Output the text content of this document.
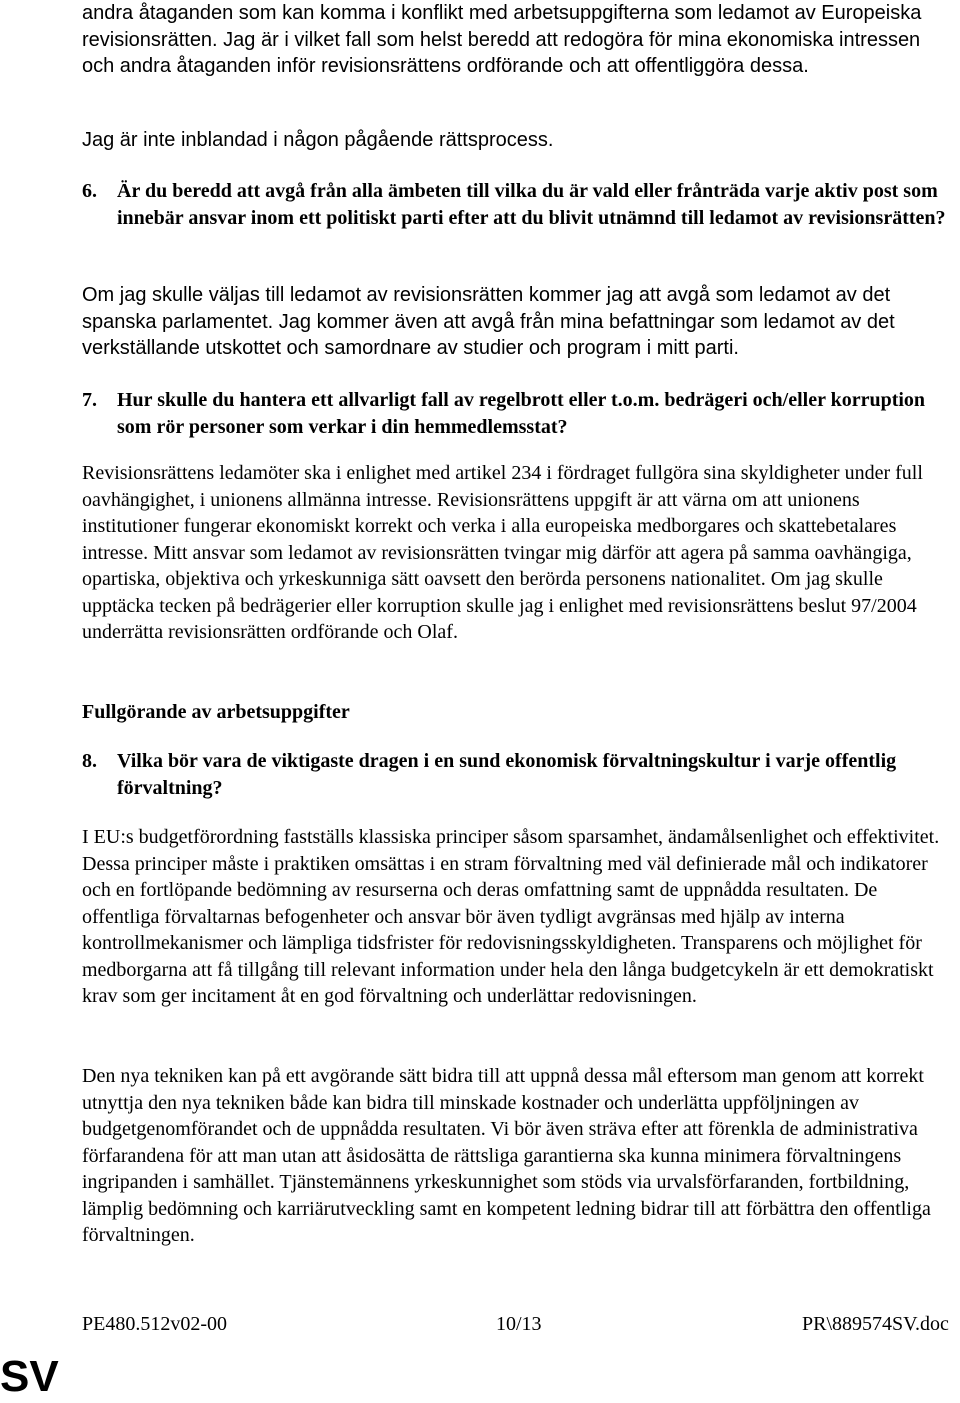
andra åtaganden som kan komma i konflikt med arbetsuppgifterna som ledamot av Europeiska revisionsrätten. Jag är i vilket fall som helst beredd att redogöra för mina ekonomiska intressen och andra åtaganden inför revisionsrättens ordförande och att offentliggöra dessa.

Jag är inte inblandad i någon pågående rättsprocess.

6. Är du beredd att avgå från alla ämbeten till vilka du är vald eller frånträda varje aktiv post som innebär ansvar inom ett politiskt parti efter att du blivit utnämnd till ledamot av revisionsrätten?

Om jag skulle väljas till ledamot av revisionsrätten kommer jag att avgå som ledamot av det spanska parlamentet. Jag kommer även att avgå från mina befattningar som ledamot av det verkställande utskottet och samordnare av studier och program i mitt parti.

7. Hur skulle du hantera ett allvarligt fall av regelbrott eller t.o.m. bedrägeri och/eller korruption som rör personer som verkar i din hemmedlemsstat?

Revisionsrättens ledamöter ska i enlighet med artikel 234 i fördraget fullgöra sina skyldigheter under full oavhängighet, i unionens allmänna intresse. Revisionsrättens uppgift är att värna om att unionens institutioner fungerar ekonomiskt korrekt och verka i alla europeiska medborgares och skattebetalares intresse. Mitt ansvar som ledamot av revisionsrätten tvingar mig därför att agera på samma oavhängiga, opartiska, objektiva och yrkeskunniga sätt oavsett den berörda personens nationalitet. Om jag skulle upptäcka tecken på bedrägerier eller korruption skulle jag i enlighet med revisionsrättens beslut 97/2004 underrätta revisionsrätten ordförande och Olaf.

Fullgörande av arbetsuppgifter
8. Vilka bör vara de viktigaste dragen i en sund ekonomisk förvaltningskultur i varje offentlig förvaltning?

I EU:s budgetförordning fastställs klassiska principer såsom sparsamhet, ändamålsenlighet och effektivitet. Dessa principer måste i praktiken omsättas i en stram förvaltning med väl definierade mål och indikatorer och en fortlöpande bedömning av resurserna och deras omfattning samt de uppnådda resultaten. De offentliga förvaltarnas befogenheter och ansvar bör även tydligt avgränsas med hjälp av interna kontrollmekanismer och lämpliga tidsfrister för redovisningsskyldigheten. Transparens och möjlighet för medborgarna att få tillgång till relevant information under hela den långa budgetcykeln är ett demokratiskt krav som ger incitament åt en god förvaltning och underlättar redovisningen.

Den nya tekniken kan på ett avgörande sätt bidra till att uppnå dessa mål eftersom man genom att korrekt utnyttja den nya tekniken både kan bidra till minskade kostnader och underlätta uppföljningen av budgetgenomförandet och de uppnådda resultaten. Vi bör även sträva efter att förenkla de administrativa förfarandena för att man utan att åsidosätta de rättsliga garantierna ska kunna minimera förvaltningens ingripanden i samhället. Tjänstemännens yrkeskunnighet som stöds via urvalsförfaranden, fortbildning, lämplig bedömning och karriärutveckling samt en kompetent ledning bidrar till att förbättra den offentliga förvaltningen.

PE480.512v02-00	10/13	PR\889574SV.doc
SV
